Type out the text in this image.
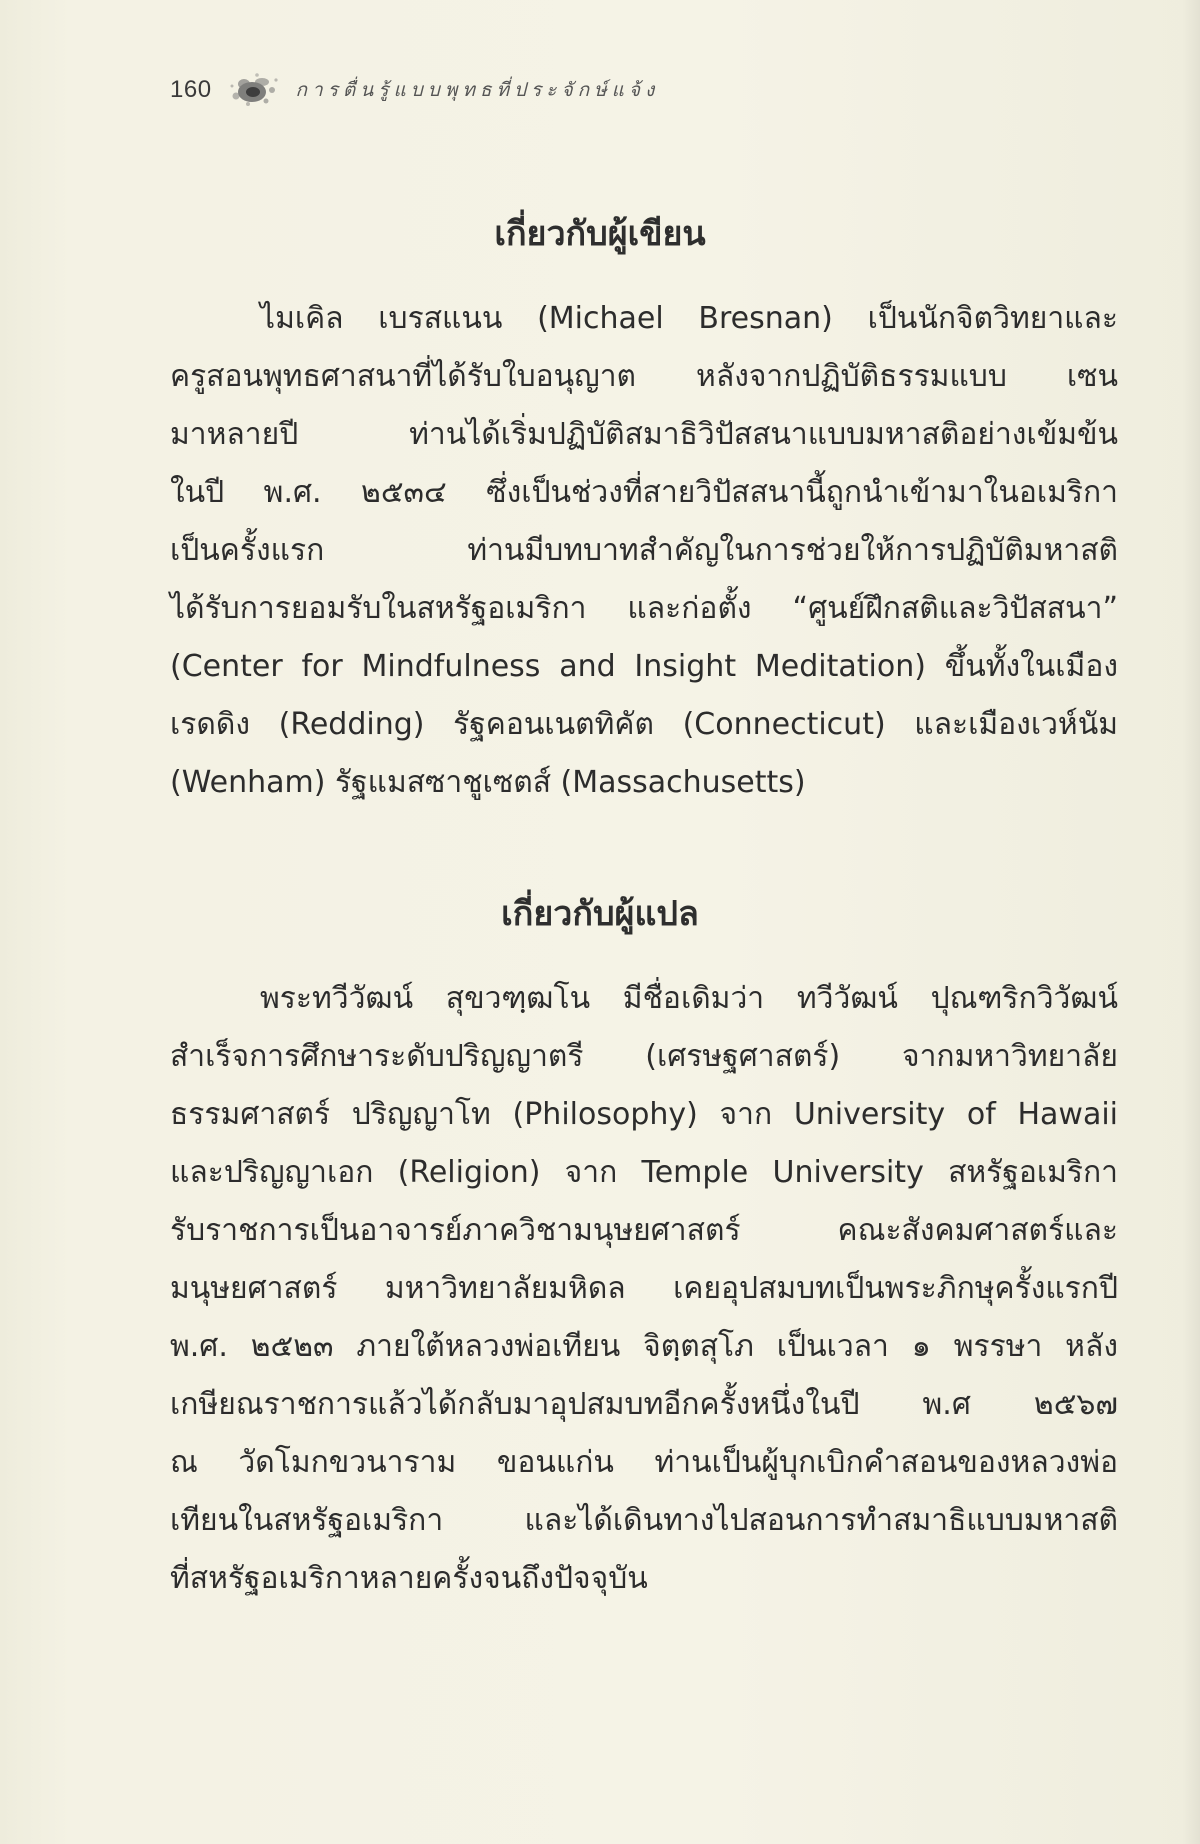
160	การตื่นรู้แบบพุทธที่ประจักษ์แจ้ง
เกี่ยวกับผู้เขียน
ไมเคิล เบรสแนน (Michael Bresnan) เป็นนักจิตวิทยาและ
ครูสอนพุทธศาสนาที่ได้รับใบอนุญาต หลังจากปฏิบัติธรรมแบบ เซน
มาหลายปี ท่านได้เริ่มปฏิบัติสมาธิวิปัสสนาแบบมหาสติอย่างเข้มข้น
ในปี พ.ศ. ๒๕๓๔ ซึ่งเป็นช่วงที่สายวิปัสสนานี้ถูกนำเข้ามาในอเมริกา
เป็นครั้งแรก ท่านมีบทบาทสำคัญในการช่วยให้การปฏิบัติมหาสติ
ได้รับการยอมรับในสหรัฐอเมริกา และก่อตั้ง “ศูนย์ฝึกสติและวิปัสสนา”
(Center for Mindfulness and Insight Meditation) ขึ้นทั้งในเมือง
เรดดิง (Redding) รัฐคอนเนตทิคัต (Connecticut) และเมืองเวห์นัม
(Wenham) รัฐแมสซาชูเซตส์ (Massachusetts)
เกี่ยวกับผู้แปล
พระทวีวัฒน์ สุขวฑฺฒโน มีชื่อเดิมว่า ทวีวัฒน์ ปุณฑริกวิวัฒน์
สำเร็จการศึกษาระดับปริญญาตรี (เศรษฐศาสตร์) จากมหาวิทยาลัย
ธรรมศาสตร์ ปริญญาโท (Philosophy) จาก University of Hawaii
และปริญญาเอก (Religion) จาก Temple University สหรัฐอเมริกา
รับราชการเป็นอาจารย์ภาควิชามนุษยศาสตร์ คณะสังคมศาสตร์และ
มนุษยศาสตร์ มหาวิทยาลัยมหิดล เคยอุปสมบทเป็นพระภิกษุครั้งแรกปี
พ.ศ. ๒๕๒๓ ภายใต้หลวงพ่อเทียน จิตฺตสุโภ เป็นเวลา ๑ พรรษา หลัง
เกษียณราชการแล้วได้กลับมาอุปสมบทอีกครั้งหนึ่งในปี พ.ศ ๒๕๖๗
ณ วัดโมกขวนาราม ขอนแก่น ท่านเป็นผู้บุกเบิกคำสอนของหลวงพ่อ
เทียนในสหรัฐอเมริกา และได้เดินทางไปสอนการทำสมาธิแบบมหาสติ
ที่สหรัฐอเมริกาหลายครั้งจนถึงปัจจุบัน
